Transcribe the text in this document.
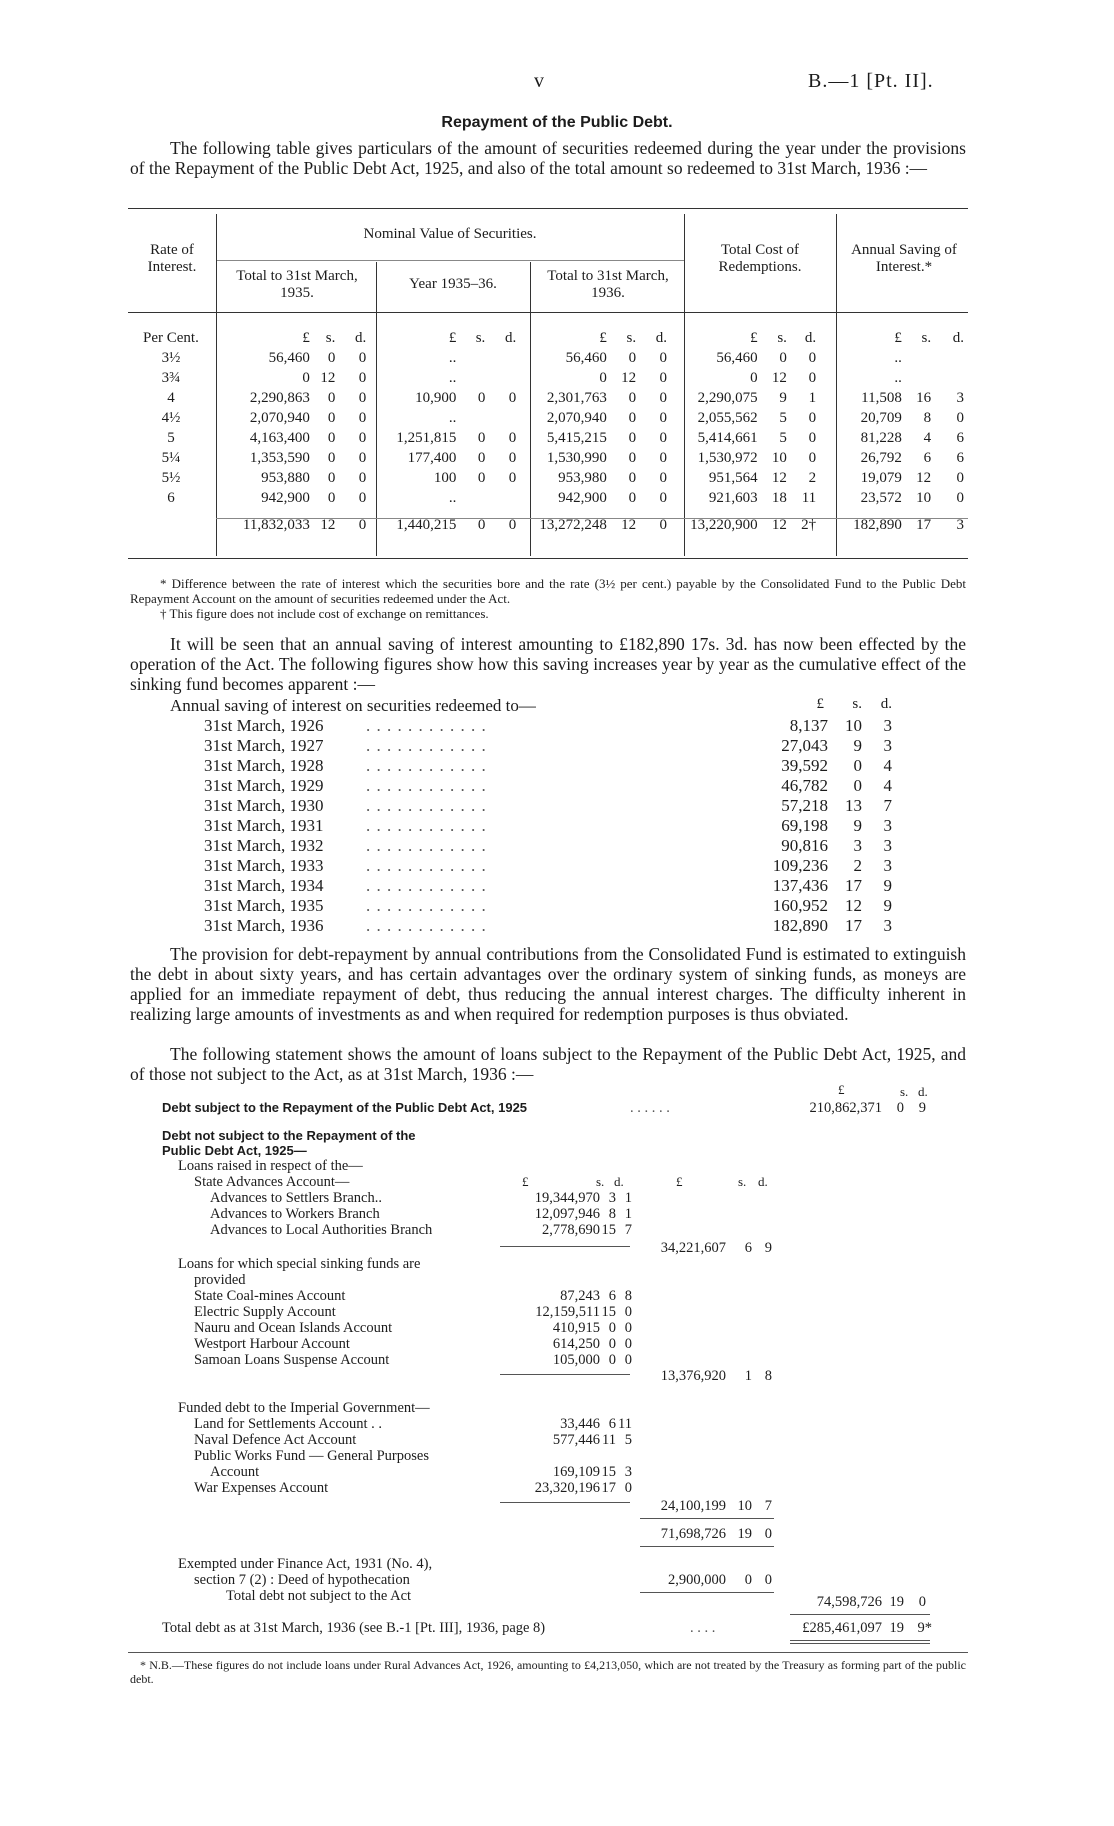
v	B.—1 [Pt. II].
Repayment of the Public Debt.
The following table gives particulars of the amount of securities redeemed during the year under the provisions of the Repayment of the Public Debt Act, 1925, and also of the total amount so redeemed to 31st March, 1936 :—
Rate of Interest.
Nominal Value of Securities.
Total to 31st March, 1935.
Year 1935–36.	Total to 31st March, 1936.
Total Cost of Redemptions.
Annual Saving of Interest.*
Per Cent.	£	s.	d.	£	s.	d.	£	s.	d.	£	s.	d.	£	s.	d.
3½	56,460	0	0	..			56,460	0	0	56,460	0	0	..		
3¾	0	12	0	..			0	12	0	0	12	0	..		
4	2,290,863	0	0	10,900	0	0	2,301,763	0	0	2,290,075	9	1	11,508	16	3
4½	2,070,940	0	0	..			2,070,940	0	0	2,055,562	5	0	20,709	8	0
5	4,163,400	0	0	1,251,815	0	0	5,415,215	0	0	5,414,661	5	0	81,228	4	6
5¼	1,353,590	0	0	177,400	0	0	1,530,990	0	0	1,530,972	10	0	26,792	6	6
5½	953,880	0	0	100	0	0	953,980	0	0	951,564	12	2	19,079	12	0
6	942,900	0	0	..			942,900	0	0	921,603	18	11	23,572	10	0
	11,832,033	12	0	1,440,215	0	0	13,272,248	12	0	13,220,900	12	2†	182,890	17	3
* Difference between the rate of interest which the securities bore and the rate (3½ per cent.) payable by the Consolidated Fund to the Public Debt Repayment Account on the amount of securities redeemed under the Act.
† This figure does not include cost of exchange on remittances.
It will be seen that an annual saving of interest amounting to £182,890 17s. 3d. has now been effected by the operation of the Act. The following figures show how this saving increases year by year as the cumulative effect of the sinking fund becomes apparent :—
Annual saving of interest on securities redeemed to—	£	s.	d.
31st March, 1926	. . . . . . . . . . . .	8,137	10	3
31st March, 1927	. . . . . . . . . . . .	27,043	9	3
31st March, 1928	. . . . . . . . . . . .	39,592	0	4
31st March, 1929	. . . . . . . . . . . .	46,782	0	4
31st March, 1930	. . . . . . . . . . . .	57,218	13	7
31st March, 1931	. . . . . . . . . . . .	69,198	9	3
31st March, 1932	. . . . . . . . . . . .	90,816	3	3
31st March, 1933	. . . . . . . . . . . .	109,236	2	3
31st March, 1934	. . . . . . . . . . . .	137,436	17	9
31st March, 1935	. . . . . . . . . . . .	160,952	12	9
31st March, 1936	. . . . . . . . . . . .	182,890	17	3
The provision for debt-repayment by annual contributions from the Consolidated Fund is estimated to extinguish the debt in about sixty years, and has certain advantages over the ordinary system of sinking funds, as moneys are applied for an immediate repayment of debt, thus reducing the annual interest charges. The difficulty inherent in realizing large amounts of investments as and when required for redemption purposes is thus obviated.
The following statement shows the amount of loans subject to the Repayment of the Public Debt Act, 1925, and of those not subject to the Act, as at 31st March, 1936 :—
£	s. d.
Debt subject to the Repayment of the Public Debt Act, 1925	. . . . . .	210,862,371	0	9
Debt not subject to the Repayment of the
Public Debt Act, 1925—
Loans raised in respect of the—
State Advances Account—	£	s. d.	£	s. d.
Advances to Settlers Branch..	19,344,970 3 1
Advances to Workers Branch	12,097,946 8 1
Advances to Local Authorities Branch	2,778,690 15 7
34,221,607	6 9
Loans for which special sinking funds are
provided
State Coal-mines Account	87,243 6 8
Electric Supply Account	12,159,511 15 0
Nauru and Ocean Islands Account	410,915 0 0
Westport Harbour Account	614,250 0 0
Samoan Loans Suspense Account	105,000 0 0
13,376,920	1 8
Funded debt to the Imperial Government—
Land for Settlements Account . .	33,446 6 11
Naval Defence Act Account	577,446 11 5
Public Works Fund — General Purposes
Account	169,109 15 3
War Expenses Account	23,320,196 17 0
24,100,199 10 7
71,698,726 19 0
Exempted under Finance Act, 1931 (No. 4),
section 7 (2) : Deed of hypothecation	2,900,000	0 0
Total debt not subject to the Act	74,598,726 19	0
Total debt as at 31st March, 1936 (see B.-1 [Pt. III], 1936, page 8)	. . . .	£285,461,097 19 9*
* N.B.—These figures do not include loans under Rural Advances Act, 1926, amounting to £4,213,050, which are not treated by the Treasury as forming part of the public debt.
